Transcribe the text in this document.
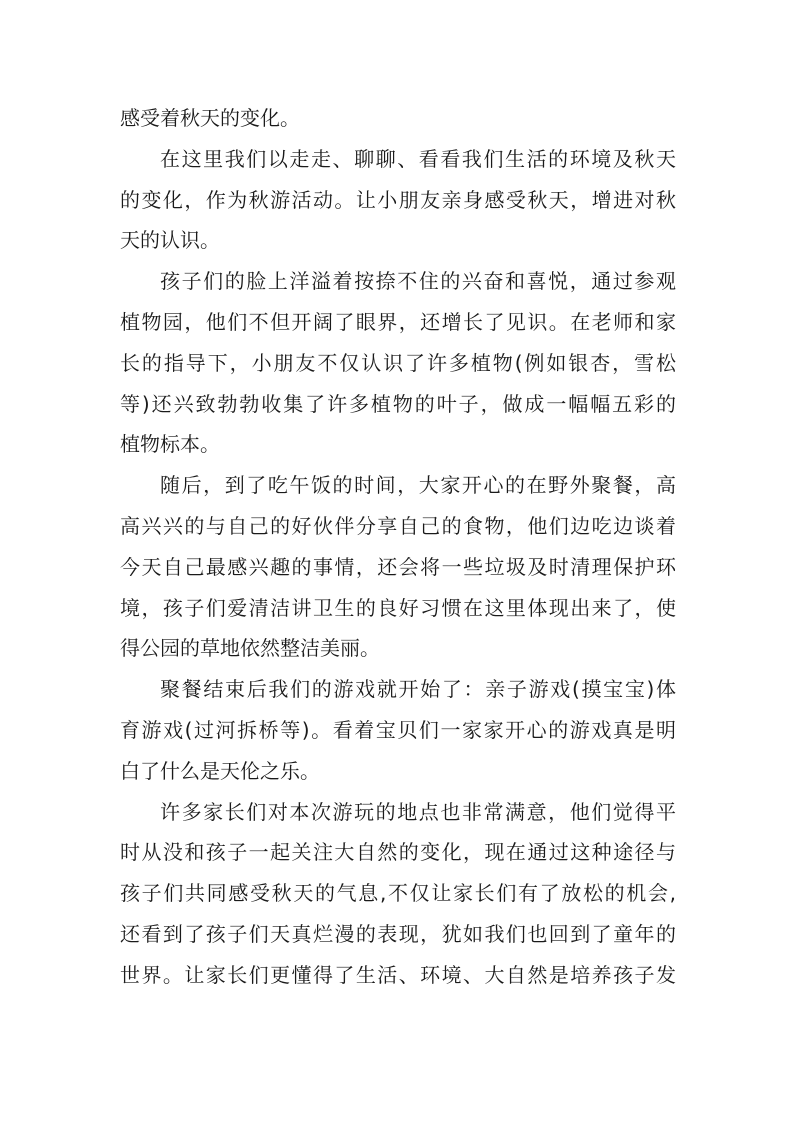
感受着秋天的变化。
在这里我们以走走、聊聊、看看我们生活的环境及秋天
的变化，作为秋游活动。让小朋友亲身感受秋天，增进对秋
天的认识。
孩子们的脸上洋溢着按捺不住的兴奋和喜悦，通过参观
植物园，他们不但开阔了眼界，还增长了见识。在老师和家
长的指导下，小朋友不仅认识了许多植物(例如银杏，雪松
等)还兴致勃勃收集了许多植物的叶子，做成一幅幅五彩的
植物标本。
随后，到了吃午饭的时间，大家开心的在野外聚餐，高
高兴兴的与自己的好伙伴分享自己的食物，他们边吃边谈着
今天自己最感兴趣的事情，还会将一些垃圾及时清理保护环
境，孩子们爱清洁讲卫生的良好习惯在这里体现出来了，使
得公园的草地依然整洁美丽。
聚餐结束后我们的游戏就开始了：亲子游戏(摸宝宝)体
育游戏(过河拆桥等)。看着宝贝们一家家开心的游戏真是明
白了什么是天伦之乐。
许多家长们对本次游玩的地点也非常满意，他们觉得平
时从没和孩子一起关注大自然的变化，现在通过这种途径与
孩子们共同感受秋天的气息,不仅让家长们有了放松的机会,
还看到了孩子们天真烂漫的表现，犹如我们也回到了童年的
世界。让家长们更懂得了生活、环境、大自然是培养孩子发
